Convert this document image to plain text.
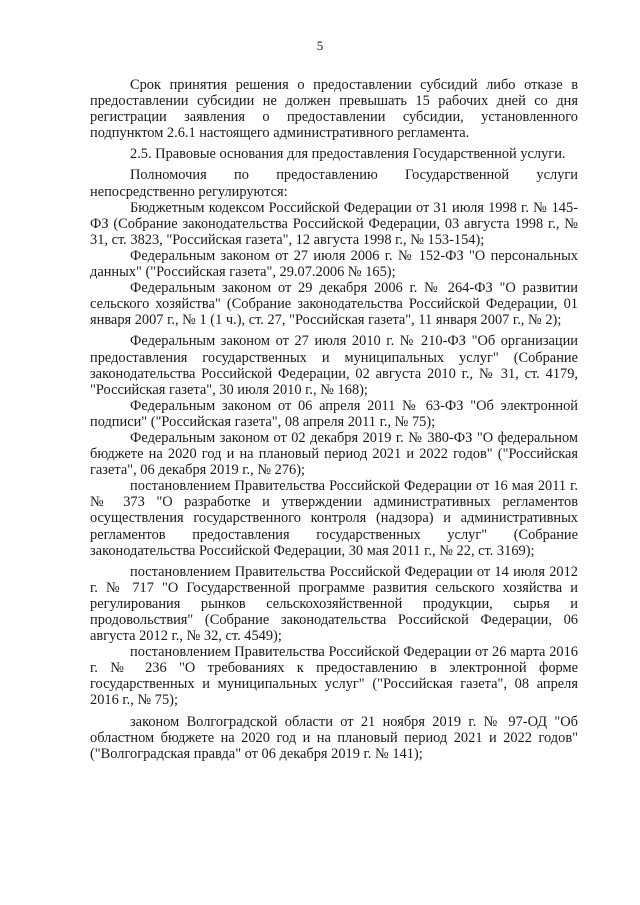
5

Срок принятия решения о предоставлении субсидий либо отказе в предоставлении субсидии не должен превышать 15 рабочих дней со дня регистрации заявления о предоставлении субсидии, установленного подпунктом 2.6.1 настоящего административного регламента.

2.5. Правовые основания для предоставления Государственной услуги.

Полномочия по предоставлению Государственной услуги непосредственно регулируются:

Бюджетным кодексом Российской Федерации от 31 июля 1998 г. № 145-ФЗ (Собрание законодательства Российской Федерации, 03 августа 1998 г., № 31, ст. 3823, "Российская газета", 12 августа 1998 г., № 153-154);

Федеральным законом от 27 июля 2006 г. № 152-ФЗ "О персональных данных" ("Российская газета", 29.07.2006 № 165);

Федеральным законом от 29 декабря 2006 г. № 264-ФЗ "О развитии сельского хозяйства" (Собрание законодательства Российской Федерации, 01 января 2007 г., № 1 (1 ч.), ст. 27, "Российская газета", 11 января 2007 г., № 2);

Федеральным законом от 27 июля 2010 г. № 210-ФЗ "Об организации предоставления государственных и муниципальных услуг" (Собрание законодательства Российской Федерации, 02 августа 2010 г., № 31, ст. 4179, "Российская газета", 30 июля 2010 г., № 168);

Федеральным законом от 06 апреля 2011 № 63-ФЗ "Об электронной подписи" ("Российская газета", 08 апреля 2011 г., № 75);

Федеральным законом от 02 декабря 2019 г. № 380-ФЗ "О федеральном бюджете на 2020 год и на плановый период 2021 и 2022 годов" ("Российская газета", 06 декабря 2019 г., № 276);

постановлением Правительства Российской Федерации от 16 мая 2011 г. № 373 "О разработке и утверждении административных регламентов осуществления государственного контроля (надзора) и административных регламентов предоставления государственных услуг" (Собрание законодательства Российской Федерации, 30 мая 2011 г., № 22, ст. 3169);

постановлением Правительства Российской Федерации от 14 июля 2012 г. № 717 "О Государственной программе развития сельского хозяйства и регулирования рынков сельскохозяйственной продукции, сырья и продовольствия" (Собрание законодательства Российской Федерации, 06 августа 2012 г., № 32, ст. 4549);

постановлением Правительства Российской Федерации от 26 марта 2016 г. № 236 "О требованиях к предоставлению в электронной форме государственных и муниципальных услуг" ("Российская газета", 08 апреля 2016 г., № 75);

законом Волгоградской области от 21 ноября 2019 г. № 97-ОД "Об областном бюджете на 2020 год и на плановый период 2021 и 2022 годов" ("Волгоградская правда" от 06 декабря 2019 г. № 141);
